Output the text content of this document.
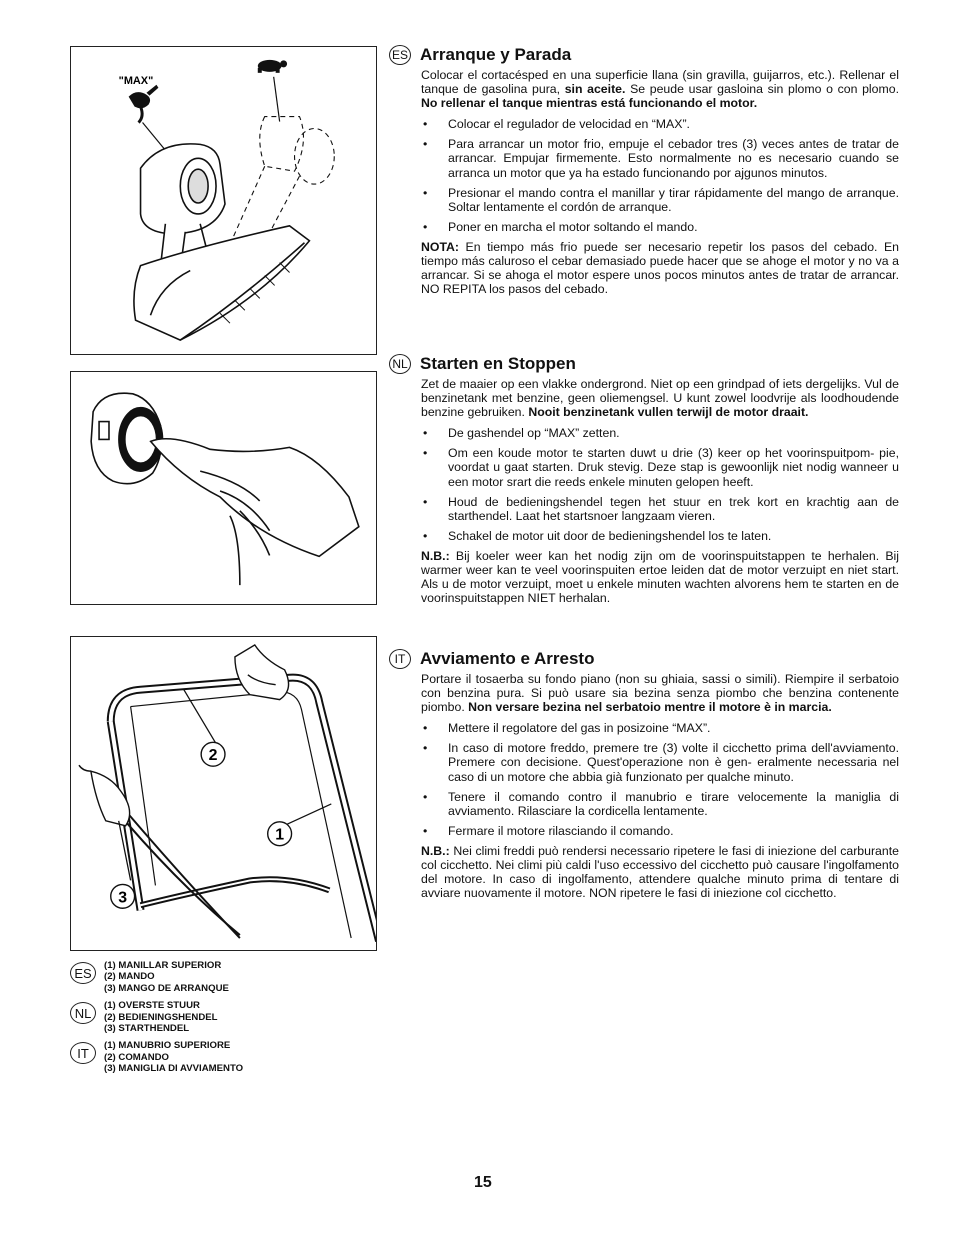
"MAX"
2
1
3
ES Arranque y Parada

Colocar el cortacésped en una superficie llana (sin gravilla, guijarros, etc.). Rellenar el tanque de gasolina pura, sin aceite. Se peude usar gasloina sin plomo o con plomo. No rellenar el tanque mientras está funcionando el motor.

• Colocar el regulador de velocidad en “MAX”.
• Para arrancar un motor frio, empuje el cebador tres (3) veces antes de tratar de arrancar. Empujar firmemente. Esto normalmente no es necesario cuando se arranca un motor que ya ha estado funcionando por ajgunos minutos.
• Presionar el mando contra el manillar y tirar rápidamente del mango de arranque. Soltar lentamente el cordón de arranque.
• Poner en marcha el motor soltando el mando.

NOTA: En tiempo más frio puede ser necesario repetir los pasos del cebado. En tiempo más caluroso el cebar demasiado puede hacer que se ahoge el motor y no va a arrancar. Si se ahoga el motor espere unos pocos minutos antes de tratar de arrancar. NO REPITA los pasos del cebado.

NL Starten en Stoppen

Zet de maaier op een vlakke ondergrond. Niet op een grindpad of iets dergelijks. Vul de benzinetank met benzine, geen oliemengsel. U kunt zowel loodvrije als loodhoudende benzine gebruiken. Nooit benzinetank vullen terwijl de motor draait.

• De gashendel op “MAX” zetten.
• Om een koude motor te starten duwt u drie (3) keer op het voorinspuitpom- pie, voordat u gaat starten. Druk stevig. Deze stap is gewoonlijk niet nodig wanneer u een motor srart die reeds enkele minuten gelopen heeft.
• Houd de bedieningshendel tegen het stuur en trek kort en krachtig aan de starthendel. Laat het startsnoer langzaam vieren.
• Schakel de motor uit door de bedieningshendel los te laten.

N.B.: Bij koeler weer kan het nodig zijn om de voorinspuitstappen te herhalen. Bij warmer weer kan te veel voorinspuiten ertoe leiden dat de motor verzuipt en niet start. Als u de motor verzuipt, moet u enkele minuten wachten alvorens hem te starten en de voorinspuitstappen NIET herhalan.

IT Avviamento e Arresto

Portare il tosaerba su fondo piano (non su ghiaia, sassi o simili). Riempire il serbatoio con benzina pura. Si può usare sia bezina senza piombo che benzina contenente piombo. Non versare bezina nel serbatoio mentre il motore è in marcia.

• Mettere il regolatore del gas in posizoine “MAX”.
• In caso di motore freddo, premere tre (3) volte il cicchetto prima dell'avviamento. Premere con decisione. Quest'operazione non è gen- eralmente necessaria nel caso di un motore che abbia già funzionato per qualche minuto.
• Tenere il comando contro il manubrio e tirare velocemente la maniglia di avviamento. Rilasciare la cordicella lentamente.
• Fermare il motore rilasciando il comando.

N.B.: Nei climi freddi può rendersi necessario ripetere le fasi di iniezione del carburante col cicchetto. Nei climi più caldi l'uso eccessivo del cicchetto può causare l'ingolfamento del motore. In caso di ingolfamento, attendere qualche minuto prima di tentare di avviare nuovamente il motore. NON ripetere le fasi di iniezione col cicchetto.

ES	(1) MANILLAR SUPERIOR
(2) MANDO
(3) MANGO DE ARRANQUE
NL	(1) OVERSTE STUUR
(2) BEDIENINGSHENDEL
(3) STARTHENDEL
IT	(1) MANUBRIO SUPERIORE
(2) COMANDO
(3) MANIGLIA DI AVVIAMENTO
15
